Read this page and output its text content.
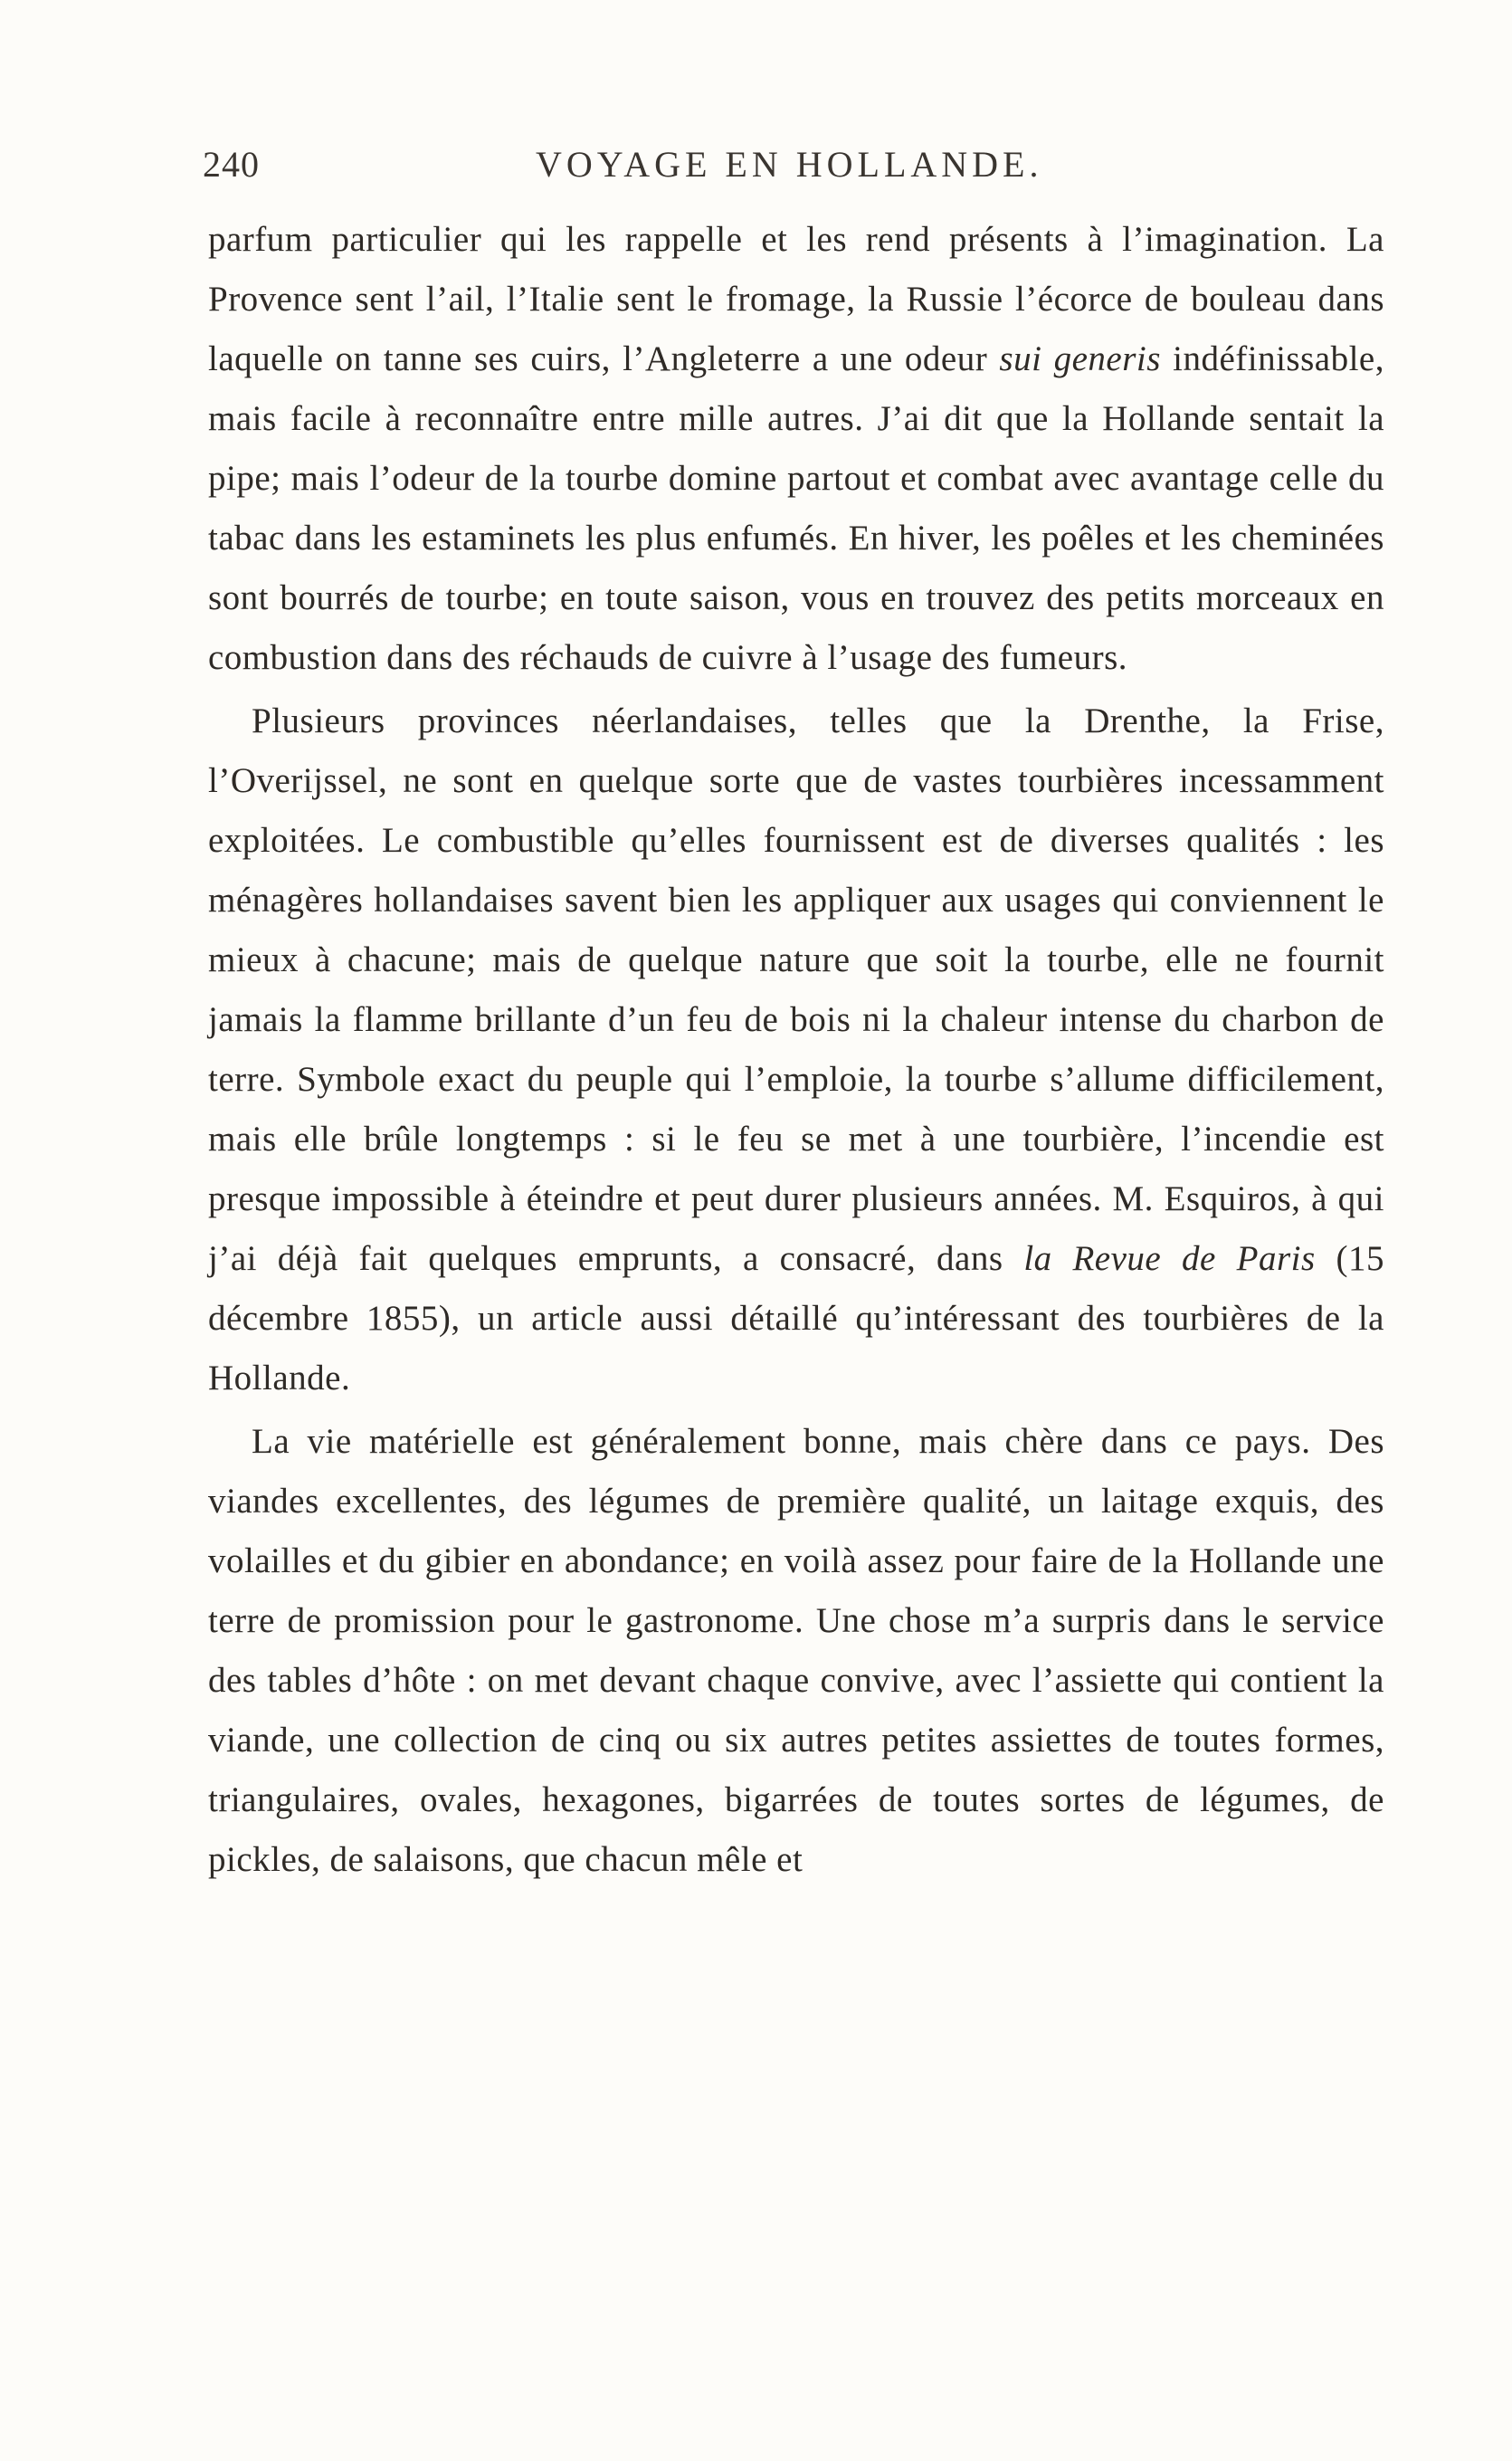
240	VOYAGE EN HOLLANDE.

parfum particulier qui les rappelle et les rend présents à l’imagination. La Provence sent l’ail, l’Italie sent le fromage, la Russie l’écorce de bouleau dans laquelle on tanne ses cuirs, l’Angleterre a une odeur sui generis indéfinissable, mais facile à reconnaître entre mille autres. J’ai dit que la Hollande sentait la pipe; mais l’odeur de la tourbe domine partout et combat avec avantage celle du tabac dans les estaminets les plus enfumés. En hiver, les poêles et les cheminées sont bourrés de tourbe; en toute saison, vous en trouvez des petits morceaux en combustion dans des réchauds de cuivre à l’usage des fumeurs.

Plusieurs provinces néerlandaises, telles que la Drenthe, la Frise, l’Overijssel, ne sont en quelque sorte que de vastes tourbières incessamment exploitées. Le combustible qu’elles fournissent est de diverses qualités : les ménagères hollandaises savent bien les appliquer aux usages qui conviennent le mieux à chacune; mais de quelque nature que soit la tourbe, elle ne fournit jamais la flamme brillante d’un feu de bois ni la chaleur intense du charbon de terre. Symbole exact du peuple qui l’emploie, la tourbe s’allume difficilement, mais elle brûle longtemps : si le feu se met à une tourbière, l’incendie est presque impossible à éteindre et peut durer plusieurs années. M. Esquiros, à qui j’ai déjà fait quelques emprunts, a consacré, dans la Revue de Paris (15 décembre 1855), un article aussi détaillé qu’intéressant des tourbières de la Hollande.

La vie matérielle est généralement bonne, mais chère dans ce pays. Des viandes excellentes, des légumes de première qualité, un laitage exquis, des volailles et du gibier en abondance; en voilà assez pour faire de la Hollande une terre de promission pour le gastronome. Une chose m’a surpris dans le service des tables d’hôte : on met devant chaque convive, avec l’assiette qui contient la viande, une collection de cinq ou six autres petites assiettes de toutes formes, triangulaires, ovales, hexagones, bigarrées de toutes sortes de légumes, de pickles, de salaisons, que chacun mêle et
